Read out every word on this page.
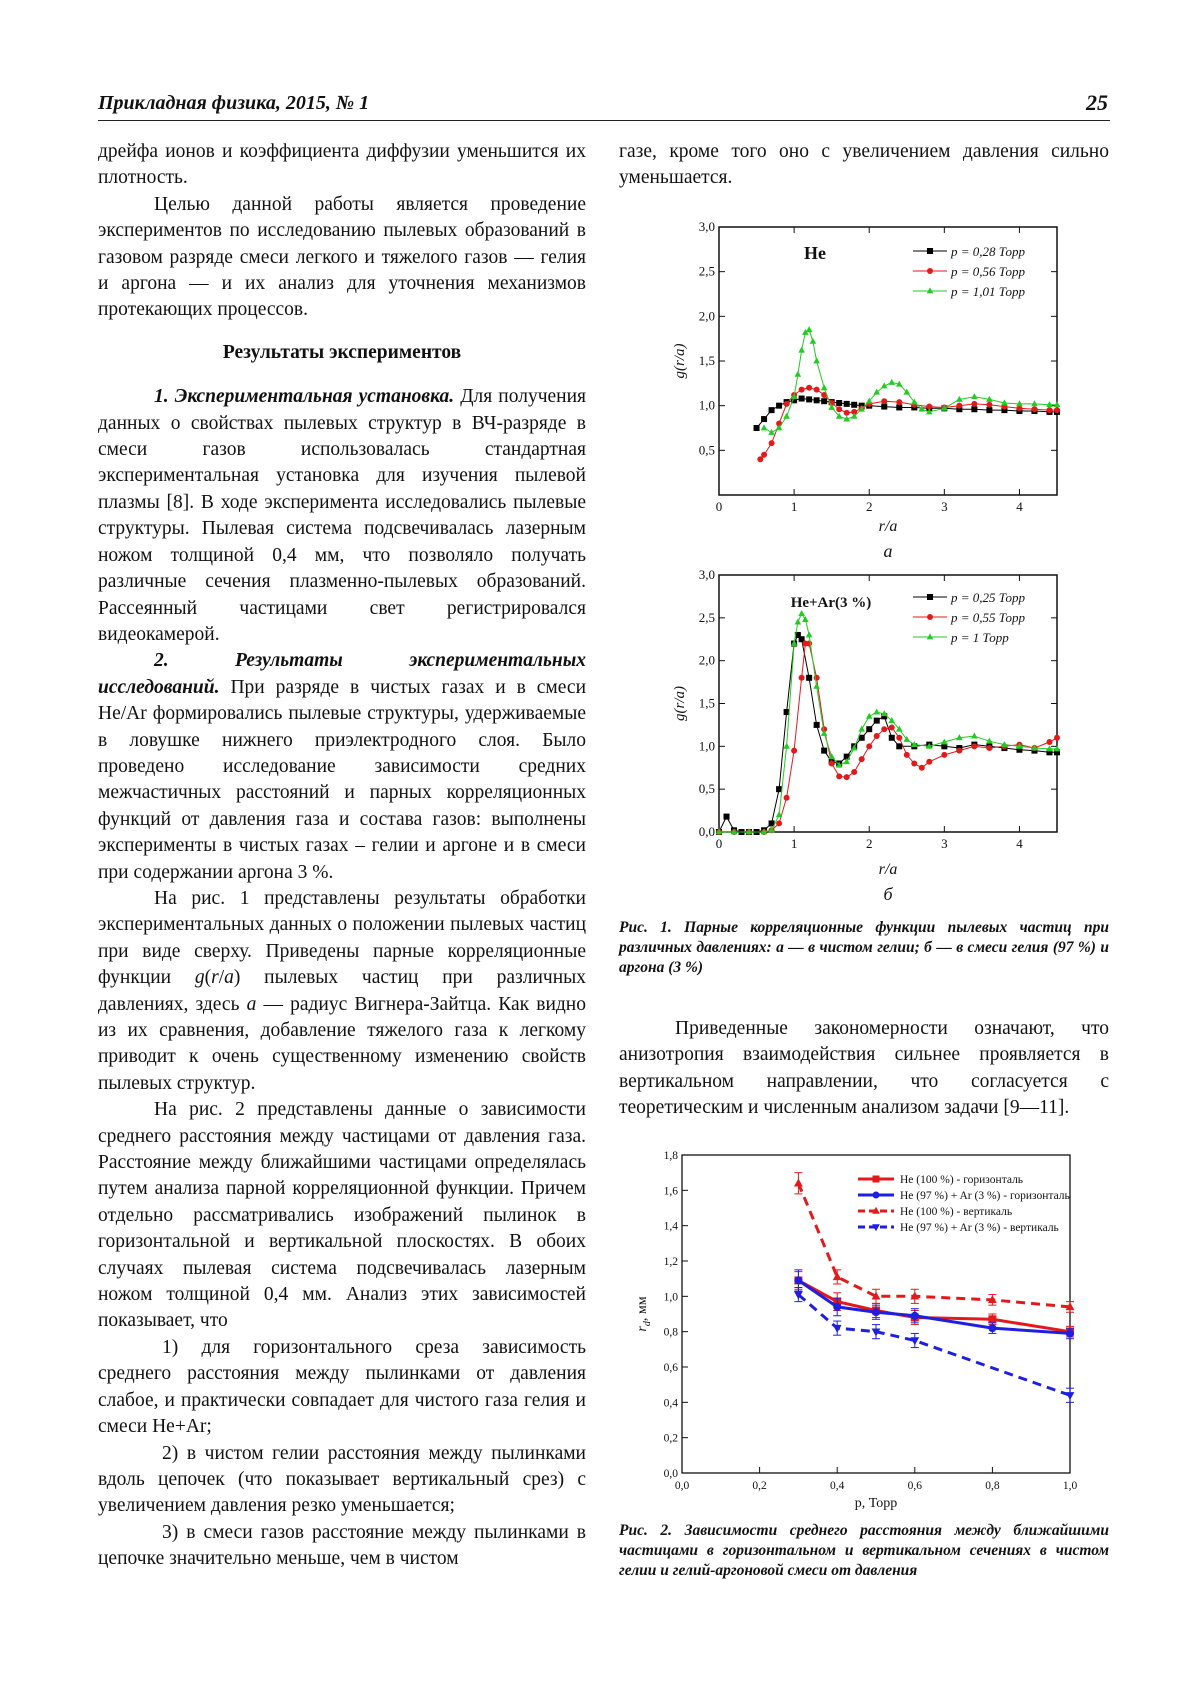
Прикладная физика, 2015, № 1	25

дрейфа ионов и коэффициента диффузии уменьшится их плотность.

Целью данной работы является проведение экспериментов по исследованию пылевых образований в газовом разряде смеси легкого и тяжелого газов — гелия и аргона — и их анализ для уточнения механизмов протекающих процессов.

Результаты экспериментов

1. Экспериментальная установка. Для получения данных о свойствах пылевых структур в ВЧ-разряде в смеси газов использовалась стандартная экспериментальная установка для изучения пылевой плазмы [8]. В ходе эксперимента исследовались пылевые структуры. Пылевая система подсвечивалась лазерным ножом толщиной 0,4 мм, что позволяло получать различные сечения плазменно-пылевых образований. Рассеянный частицами свет регистрировался видеокамерой.

2. Результаты экспериментальных исследований. При разряде в чистых газах и в смеси He/Ar формировались пылевые структуры, удерживаемые в ловушке нижнего приэлектродного слоя. Было проведено исследование зависимости средних межчастичных расстояний и парных корреляционных функций от давления газа и состава газов: выполнены эксперименты в чистых газах – гелии и аргоне и в смеси при содержании аргона 3 %.

На рис. 1 представлены результаты обработки экспериментальных данных о положении пылевых частиц при виде сверху. Приведены парные корреляционные функции g(r/a) пылевых частиц при различных давлениях, здесь a — радиус Вигнера-Зайтца. Как видно из их сравнения, добавление тяжелого газа к легкому приводит к очень существенному изменению свойств пылевых структур.

На рис. 2 представлены данные о зависимости среднего расстояния между частицами от давления газа. Расстояние между ближайшими частицами определялась путем анализа парной корреляционной функции. Причем отдельно рассматривались изображений пылинок в горизонтальной и вертикальной плоскостях. В обоих случаях пылевая система подсвечивалась лазерным ножом толщиной 0,4 мм. Анализ этих зависимостей показывает, что

1) для горизонтального среза зависимость среднего расстояния между пылинками от давления слабое, и практически совпадает для чистого газа гелия и смеси He+Ar;

2) в чистом гелии расстояния между пылинками вдоль цепочек (что показывает вертикальный срез) с увеличением давления резко уменьшается;

3) в смеси газов расстояние между пылинками в цепочке значительно меньше, чем в чистом

газе, кроме того оно с увеличением давления сильно уменьшается.

0	1	2	3	4
0,5
1,0
1,5
2,0
2,5
3,0
He
g(r/a)
r/a
а
p = 0,28 Торр
p = 0,56 Торр
p = 1,01 Торр
0	1	2	3	4
0,0
0,5
1,0
1,5
2,0
2,5
3,0
He+Ar(3 %)
g(r/a)
r/a
б
p = 0,25 Торр
p = 0,55 Торр
p = 1 Торр
Рис. 1. Парные корреляционные функции пылевых частиц при различных давлениях: а — в чистом гелии; б — в смеси гелия (97 %) и аргона (3 %)

Приведенные закономерности означают, что анизотропия взаимодействия сильнее проявляется в вертикальном направлении, что согласуется с теоретическим и численным анализом задачи [9—11].

0,0	0,2	0,4	0,6	0,8	1,0
0,0
0,2
0,4
0,6
0,8
1,0
1,2
1,4
1,6
1,8
p, Торр
$r_d$, мм
He (100 %) - горизонталь
He (97 %) + Ar (3 %) - горизонталь
He (100 %) - вертикаль
He (97 %) + Ar (3 %) - вертикаль
Рис. 2. Зависимости среднего расстояния между ближайшими частицами в горизонтальном и вертикальном сечениях в чистом гелии и гелий-аргоновой смеси от давления
